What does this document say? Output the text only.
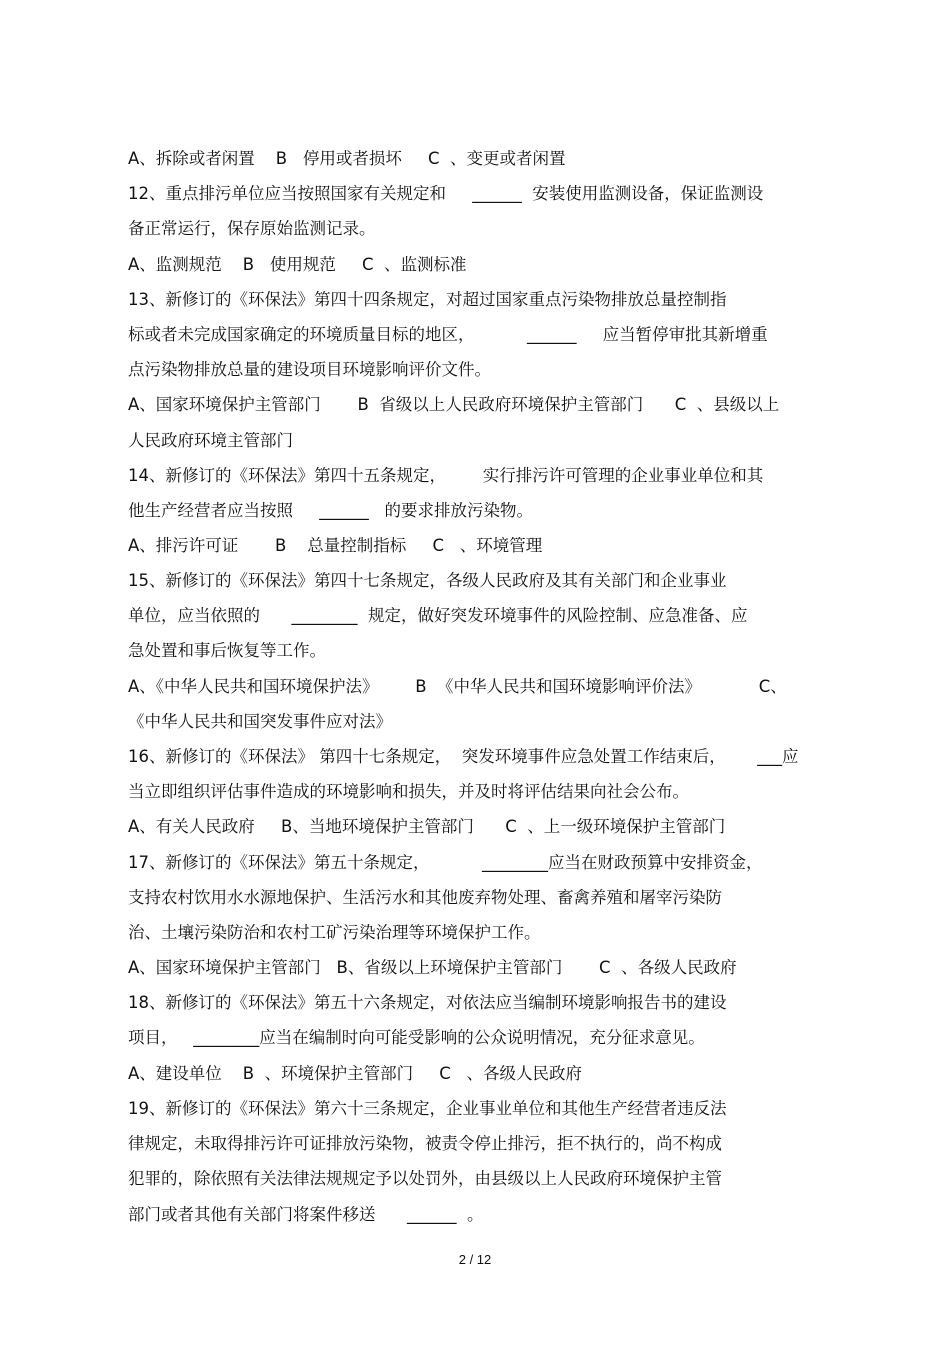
A、拆除或者闲置    B   停用或者损坏     C  、变更或者闲置
12、重点排污单位应当按照国家有关规定和     ______  安装使用监测设备，保证监测设
备正常运行，保存原始监测记录。
A、监测规范    B   使用规范     C  、监测标准
13、新修订的《环保法》第四十四条规定，对超过国家重点污染物排放总量控制指
标或者未完成国家确定的环境质量目标的地区，          ______     应当暂停审批其新增重
点污染物排放总量的建设项目环境影响评价文件。
A、国家环境保护主管部门       B  省级以上人民政府环境保护主管部门      C  、县级以上
人民政府环境主管部门
14、新修订的《环保法》第四十五条规定，       实行排污许可管理的企业事业单位和其
他生产经营者应当按照     ______   的要求排放污染物。
A、排污许可证       B    总量控制指标     C   、环境管理
15、新修订的《环保法》第四十七条规定，各级人民政府及其有关部门和企业事业
单位，应当依照的      ________  规定，做好突发环境事件的风险控制、应急准备、应
急处置和事后恢复等工作。
A、《中华人民共和国环境保护法》       B  《中华人民共和国环境影响评价法》           C、
《中华人民共和国突发事件应对法》
16、新修订的《环保法》 第四十七条规定，  突发环境事件应急处置工作结束后，      ___应
当立即组织评估事件造成的环境影响和损失，并及时将评估结果向社会公布。
A、有关人民政府     B、当地环境保护主管部门      C  、上一级环境保护主管部门
17、新修订的《环保法》第五十条规定，          ________应当在财政预算中安排资金，
支持农村饮用水水源地保护、生活污水和其他废弃物处理、畜禽养殖和屠宰污染防
治、土壤污染防治和农村工矿污染治理等环境保护工作。
A、国家环境保护主管部门   B、省级以上环境保护主管部门       C  、各级人民政府
18、新修订的《环保法》第五十六条规定，对依法应当编制环境影响报告书的建设
项目，   ________应当在编制时向可能受影响的公众说明情况，充分征求意见。
A、建设单位    B  、环境保护主管部门     C   、各级人民政府
19、新修订的《环保法》第六十三条规定，企业事业单位和其他生产经营者违反法
律规定，未取得排污许可证排放污染物，被责令停止排污，拒不执行的，尚不构成
犯罪的，除依照有关法律法规规定予以处罚外，由县级以上人民政府环境保护主管
部门或者其他有关部门将案件移送      ______  。
2 / 12
